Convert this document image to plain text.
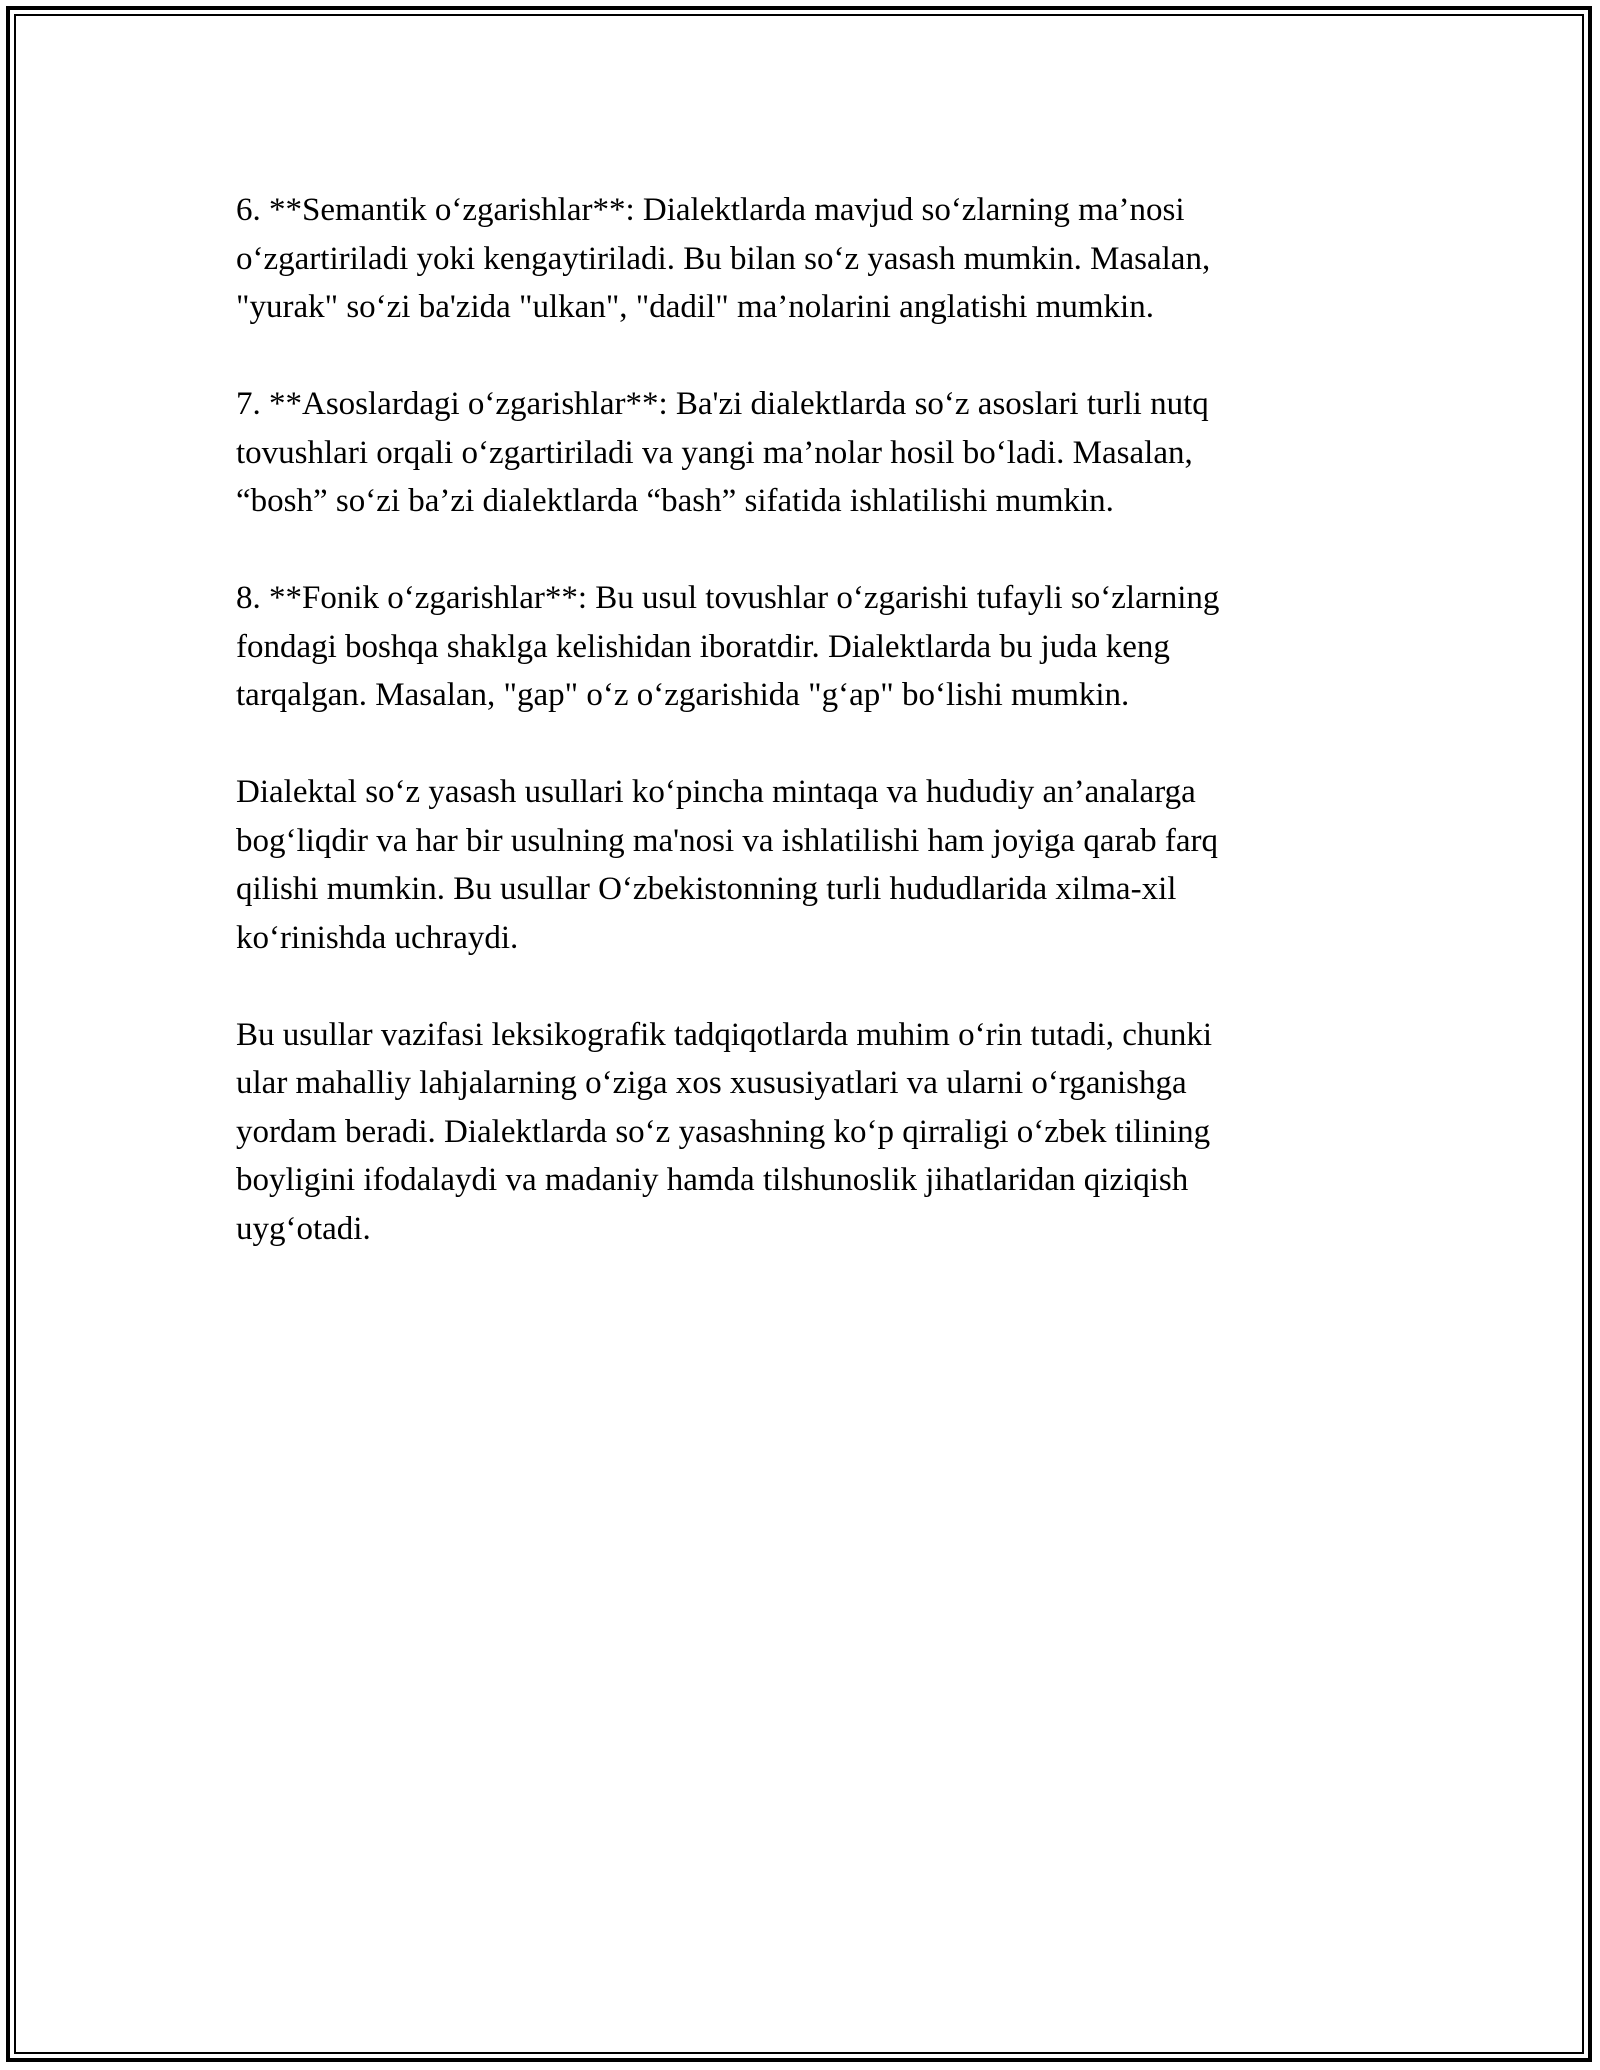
6. **Semantik o‘zgarishlar**: Dialektlarda mavjud so‘zlarning ma’nosi
o‘zgartiriladi yoki kengaytiriladi. Bu bilan so‘z yasash mumkin. Masalan,
"yurak" so‘zi ba'zida "ulkan", "dadil" ma’nolarini anglatishi mumkin.

7. **Asoslardagi o‘zgarishlar**: Ba'zi dialektlarda so‘z asoslari turli nutq
tovushlari orqali o‘zgartiriladi va yangi ma’nolar hosil bo‘ladi. Masalan,
“bosh” so‘zi ba’zi dialektlarda “bash” sifatida ishlatilishi mumkin.

8. **Fonik o‘zgarishlar**: Bu usul tovushlar o‘zgarishi tufayli so‘zlarning
fondagi boshqa shaklga kelishidan iboratdir. Dialektlarda bu juda keng
tarqalgan. Masalan, "gap" o‘z o‘zgarishida "g‘ap" bo‘lishi mumkin.

Dialektal so‘z yasash usullari ko‘pincha mintaqa va hududiy an’analarga
bog‘liqdir va har bir usulning ma'nosi va ishlatilishi ham joyiga qarab farq
qilishi mumkin. Bu usullar O‘zbekistonning turli hududlarida xilma-xil
ko‘rinishda uchraydi.

Bu usullar vazifasi leksikografik tadqiqotlarda muhim o‘rin tutadi, chunki
ular mahalliy lahjalarning o‘ziga xos xususiyatlari va ularni o‘rganishga
yordam beradi. Dialektlarda so‘z yasashning ko‘p qirraligi o‘zbek tilining
boyligini ifodalaydi va madaniy hamda tilshunoslik jihatlaridan qiziqish
uyg‘otadi.
